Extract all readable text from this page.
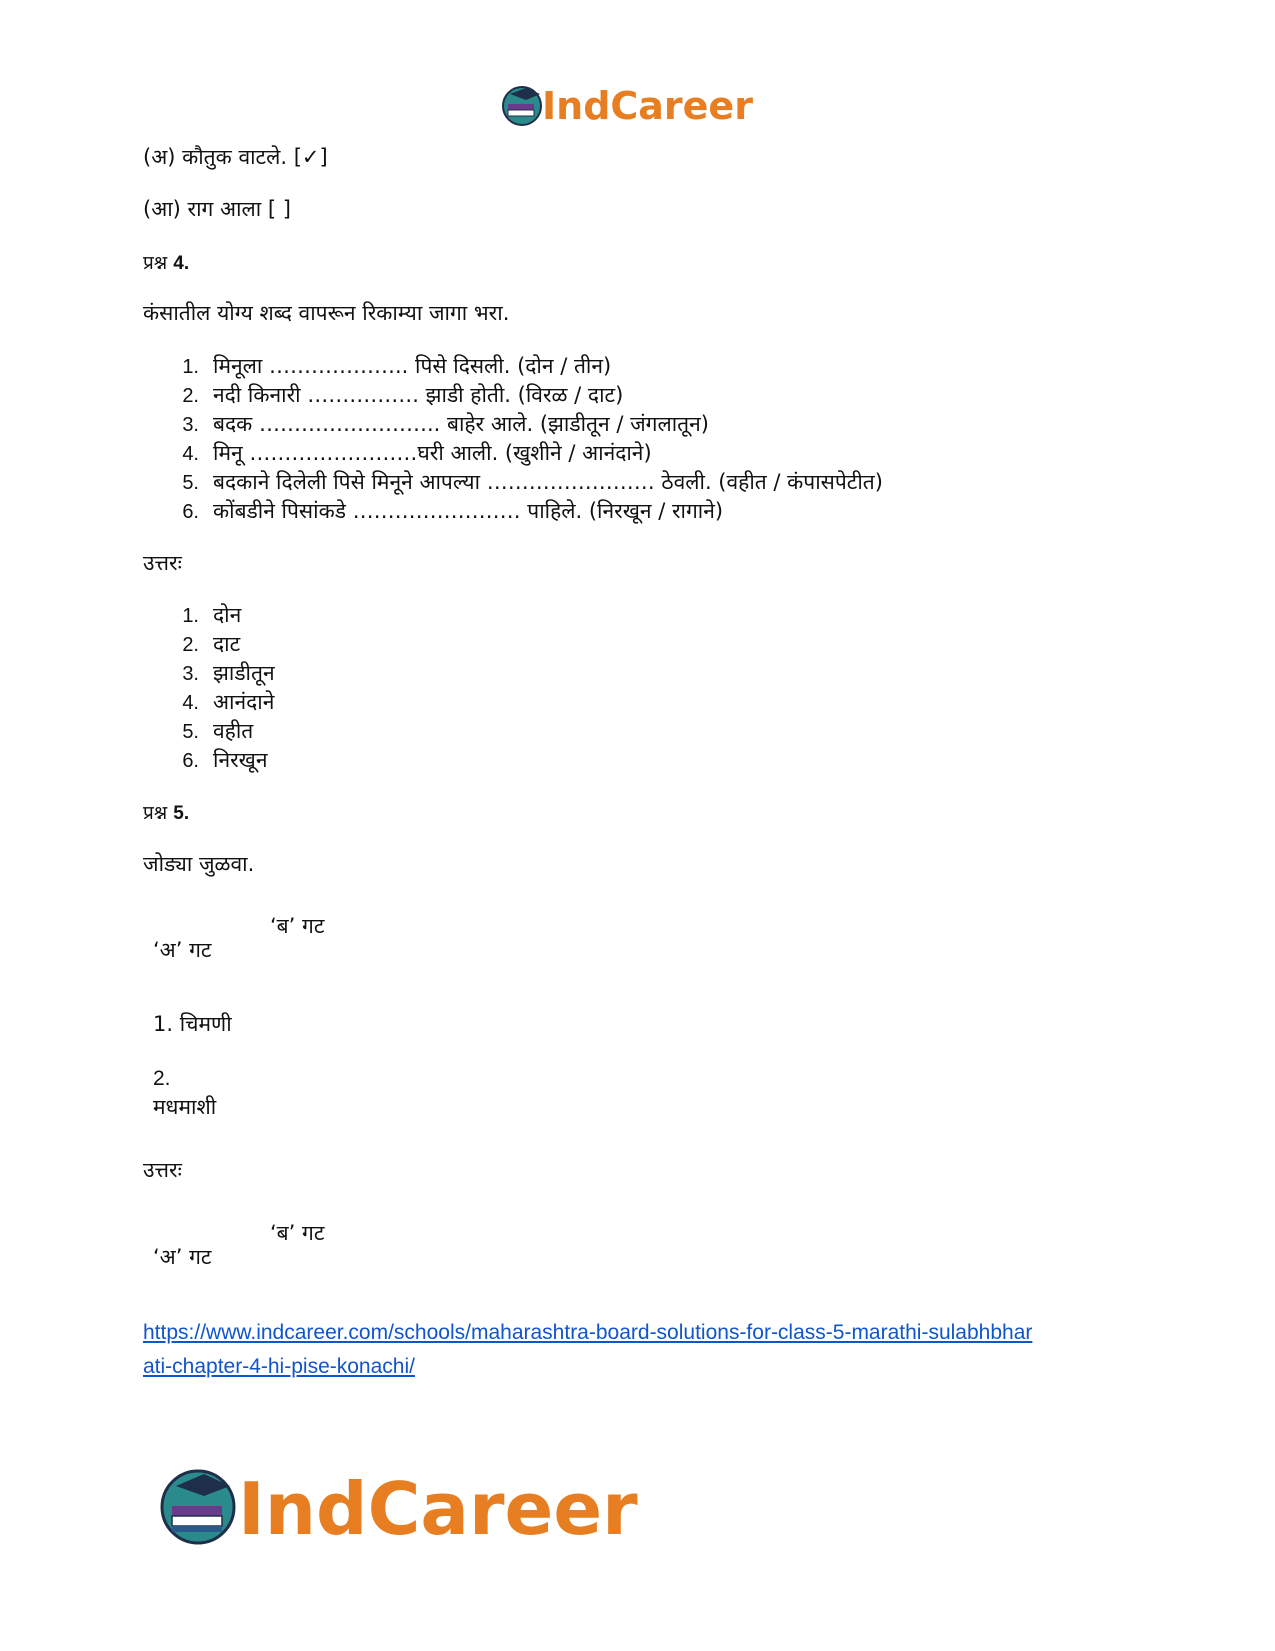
IndCareer
(अ) कौतुक वाटले. [✓]
(आ) राग आला [ ]
प्रश्न 4.
कंसातील योग्य शब्द वापरून रिकाम्या जागा भरा.
1. मिनूला ……………….. पिसे दिसली. (दोन / तीन)
2. नदी किनारी ……………. झाडी होती. (विरळ / दाट)
3. बदक …………………….. बाहेर आले. (झाडीतून / जंगलातून)
4. मिनू ……………………घरी आली. (खुशीने / आनंदाने)
5. बदकाने दिलेली पिसे मिनूने आपल्या …………………… ठेवली. (वहीत / कंपासपेटीत)
6. कोंबडीने पिसांकडे …………………… पाहिले. (निरखून / रागाने)
उत्तरः
1. दोन
2. दाट
3. झाडीतून
4. आनंदाने
5. वहीत
6. निरखून
प्रश्न 5.
जोड्या जुळवा.
‘ब’ गट
‘अ’ गट
1. चिमणी
2.
मधमाशी
उत्तरः
‘ब’ गट
‘अ’ गट
https://www.indcareer.com/schools/maharashtra-board-solutions-for-class-5-marathi-sulabhbhar
ati-chapter-4-hi-pise-konachi/
IndCareer
